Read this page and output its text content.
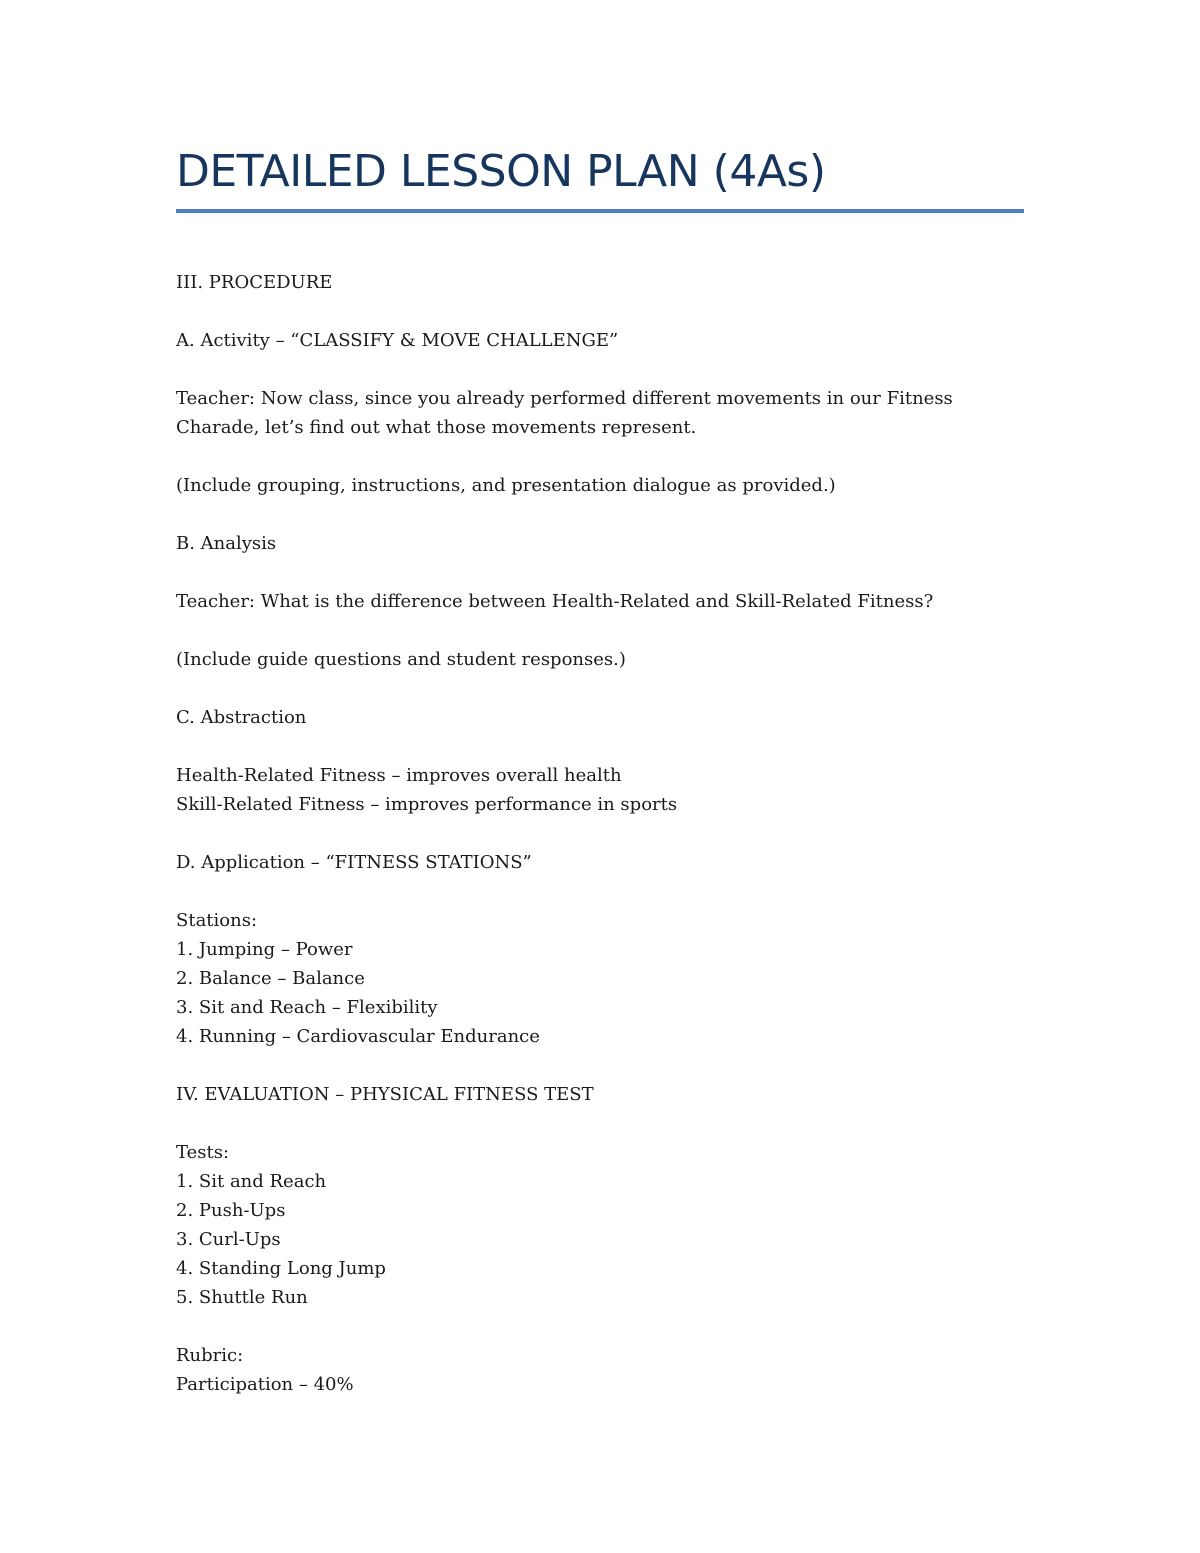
DETAILED LESSON PLAN (4As)

III. PROCEDURE

A. Activity – “CLASSIFY & MOVE CHALLENGE”

Teacher: Now class, since you already performed different movements in our Fitness

Charade, let’s find out what those movements represent.

(Include grouping, instructions, and presentation dialogue as provided.)

B. Analysis

Teacher: What is the difference between Health-Related and Skill-Related Fitness?

(Include guide questions and student responses.)

C. Abstraction

Health-Related Fitness – improves overall health

Skill-Related Fitness – improves performance in sports

D. Application – “FITNESS STATIONS”

Stations:

1. Jumping – Power

2. Balance – Balance

3. Sit and Reach – Flexibility

4. Running – Cardiovascular Endurance

IV. EVALUATION – PHYSICAL FITNESS TEST

Tests:

1. Sit and Reach

2. Push-Ups

3. Curl-Ups

4. Standing Long Jump

5. Shuttle Run

Rubric:

Participation – 40%
